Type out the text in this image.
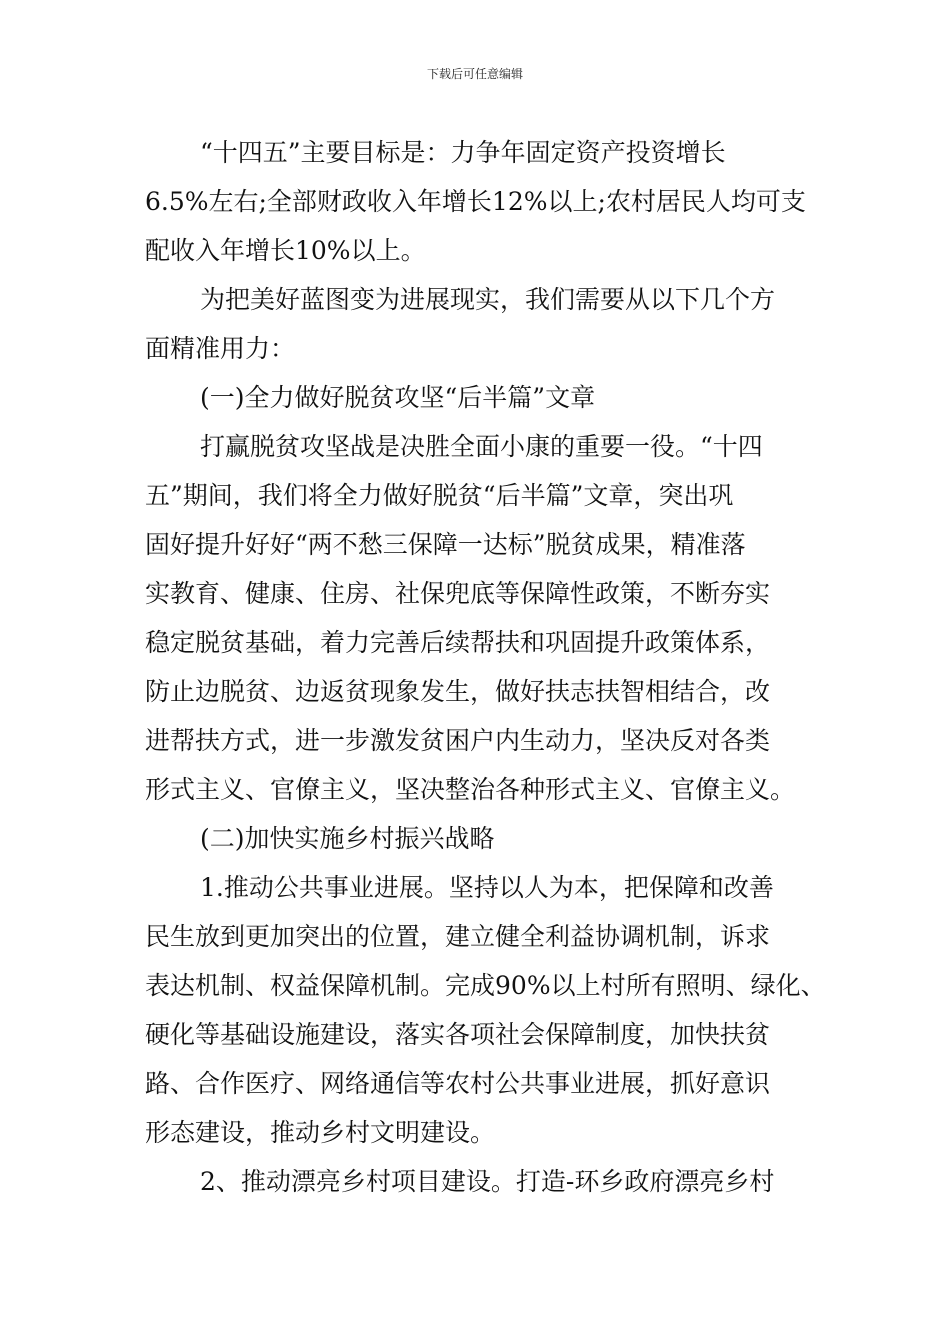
下载后可任意编辑
“十四五”主要目标是：力争年固定资产投资增长
6.5%左右;全部财政收入年增长12%以上;农村居民人均可支
配收入年增长10%以上。
为把美好蓝图变为进展现实，我们需要从以下几个方
面精准用力：
(一)全力做好脱贫攻坚“后半篇”文章
打赢脱贫攻坚战是决胜全面小康的重要一役。“十四
五”期间，我们将全力做好脱贫“后半篇”文章，突出巩
固好提升好好“两不愁三保障一达标”脱贫成果，精准落
实教育、健康、住房、社保兜底等保障性政策，不断夯实
稳定脱贫基础，着力完善后续帮扶和巩固提升政策体系，
防止边脱贫、边返贫现象发生，做好扶志扶智相结合，改
进帮扶方式，进一步激发贫困户内生动力，坚决反对各类
形式主义、官僚主义，坚决整治各种形式主义、官僚主义。
(二)加快实施乡村振兴战略
1.推动公共事业进展。坚持以人为本，把保障和改善
民生放到更加突出的位置，建立健全利益协调机制，诉求
表达机制、权益保障机制。完成90%以上村所有照明、绿化、
硬化等基础设施建设，落实各项社会保障制度，加快扶贫
路、合作医疗、网络通信等农村公共事业进展，抓好意识
形态建设，推动乡村文明建设。
2、推动漂亮乡村项目建设。打造-环乡政府漂亮乡村
